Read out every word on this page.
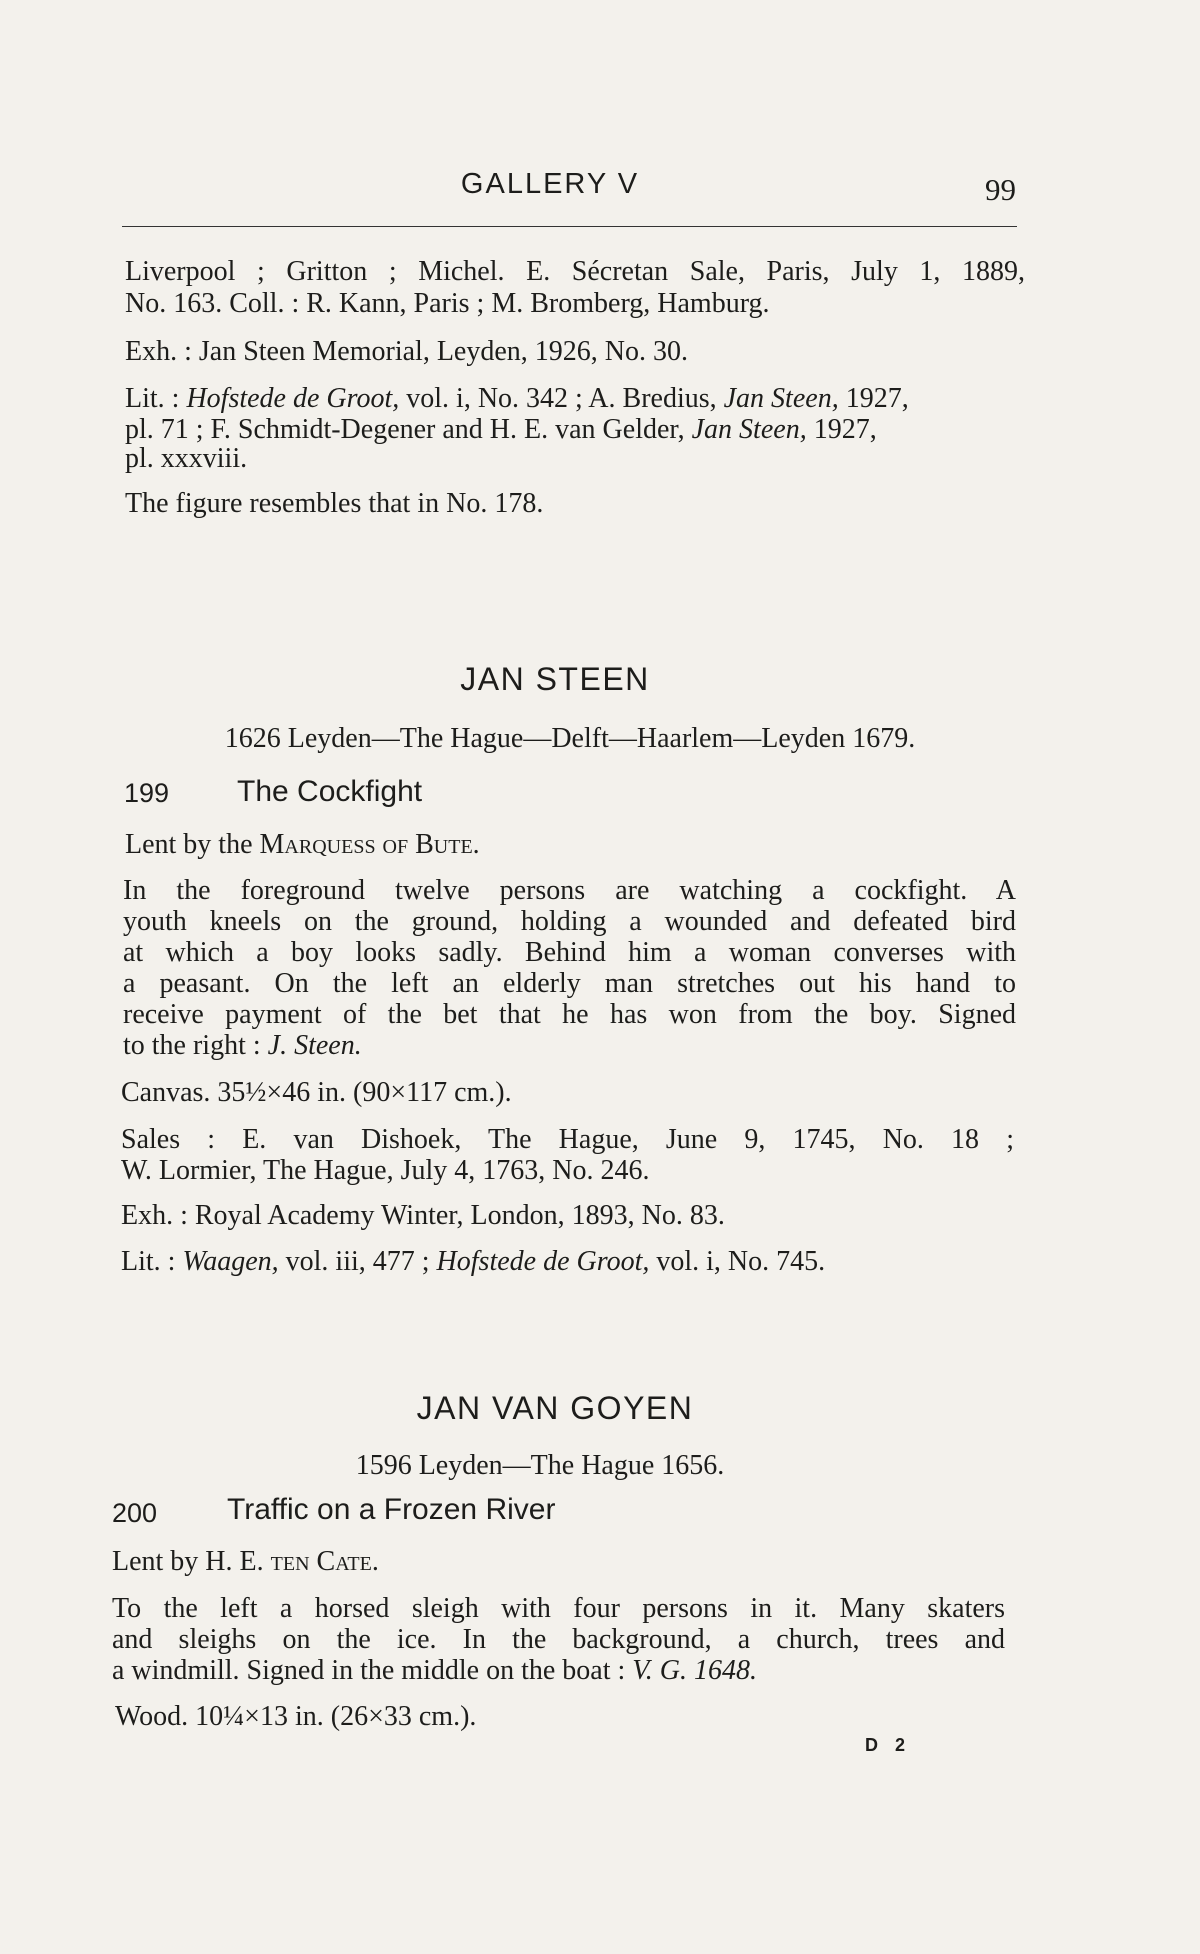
GALLERY V	99
Liverpool ; Gritton ; Michel. E. Sécretan Sale, Paris, July 1, 1889,
No. 163. Coll. : R. Kann, Paris ; M. Bromberg, Hamburg.
Exh. : Jan Steen Memorial, Leyden, 1926, No. 30.
Lit. : Hofstede de Groot, vol. i, No. 342 ; A. Bredius, Jan Steen, 1927,
pl. 71 ; F. Schmidt-Degener and H. E. van Gelder, Jan Steen, 1927,
pl. xxxviii.
The figure resembles that in No. 178.
JAN STEEN
1626 Leyden—The Hague—Delft—Haarlem—Leyden 1679.
199 The Cockfight
Lent by the Marquess of Bute.
In the foreground twelve persons are watching a cockfight. A
youth kneels on the ground, holding a wounded and defeated bird
at which a boy looks sadly. Behind him a woman converses with
a peasant. On the left an elderly man stretches out his hand to
receive payment of the bet that he has won from the boy. Signed
to the right : J. Steen.
Canvas. 35½×46 in. (90×117 cm.).
Sales : E. van Dishoek, The Hague, June 9, 1745, No. 18 ;
W. Lormier, The Hague, July 4, 1763, No. 246.
Exh. : Royal Academy Winter, London, 1893, No. 83.
Lit. : Waagen, vol. iii, 477 ; Hofstede de Groot, vol. i, No. 745.
JAN VAN GOYEN
1596 Leyden—The Hague 1656.
200 Traffic on a Frozen River
Lent by H. E. ten Cate.
To the left a horsed sleigh with four persons in it. Many skaters
and sleighs on the ice. In the background, a church, trees and
a windmill. Signed in the middle on the boat : V. G. 1648.
Wood. 10¼×13 in. (26×33 cm.).
D 2
